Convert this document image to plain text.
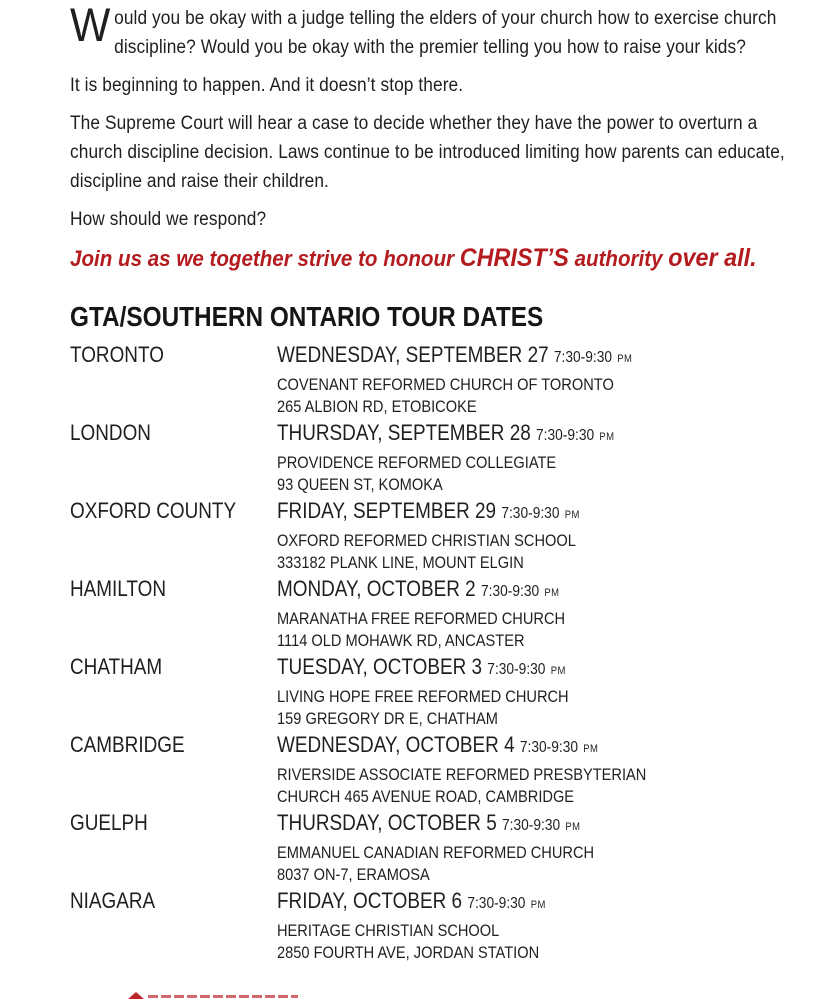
Would you be okay with a judge telling the elders of your church how to exercise church discipline? Would you be okay with the premier telling you how to raise your kids?

It is beginning to happen. And it doesn’t stop there.

The Supreme Court will hear a case to decide whether they have the power to overturn a church discipline decision. Laws continue to be introduced limiting how parents can educate, discipline and raise their children.

How should we respond?

Join us as we together strive to honour CHRIST’S authority over all.

GTA/SOUTHERN ONTARIO TOUR DATES
TORONTO	WEDNESDAY, SEPTEMBER 27 7:30-9:30 PM
COVENANT REFORMED CHURCH OF TORONTO
265 ALBION RD, ETOBICOKE
LONDON	THURSDAY, SEPTEMBER 28 7:30-9:30 PM
PROVIDENCE REFORMED COLLEGIATE
93 QUEEN ST, KOMOKA
OXFORD COUNTY	FRIDAY, SEPTEMBER 29 7:30-9:30 PM
OXFORD REFORMED CHRISTIAN SCHOOL
333182 PLANK LINE, MOUNT ELGIN
HAMILTON	MONDAY, OCTOBER 2 7:30-9:30 PM
MARANATHA FREE REFORMED CHURCH
1114 OLD MOHAWK RD, ANCASTER
CHATHAM	TUESDAY, OCTOBER 3 7:30-9:30 PM
LIVING HOPE FREE REFORMED CHURCH
159 GREGORY DR E, CHATHAM
CAMBRIDGE	WEDNESDAY, OCTOBER 4 7:30-9:30 PM
RIVERSIDE ASSOCIATE REFORMED PRESBYTERIAN
CHURCH 465 AVENUE ROAD, CAMBRIDGE
GUELPH	THURSDAY, OCTOBER 5 7:30-9:30 PM
EMMANUEL CANADIAN REFORMED CHURCH
8037 ON-7, ERAMOSA
NIAGARA	FRIDAY, OCTOBER 6 7:30-9:30 PM
HERITAGE CHRISTIAN SCHOOL
2850 FOURTH AVE, JORDAN STATION
